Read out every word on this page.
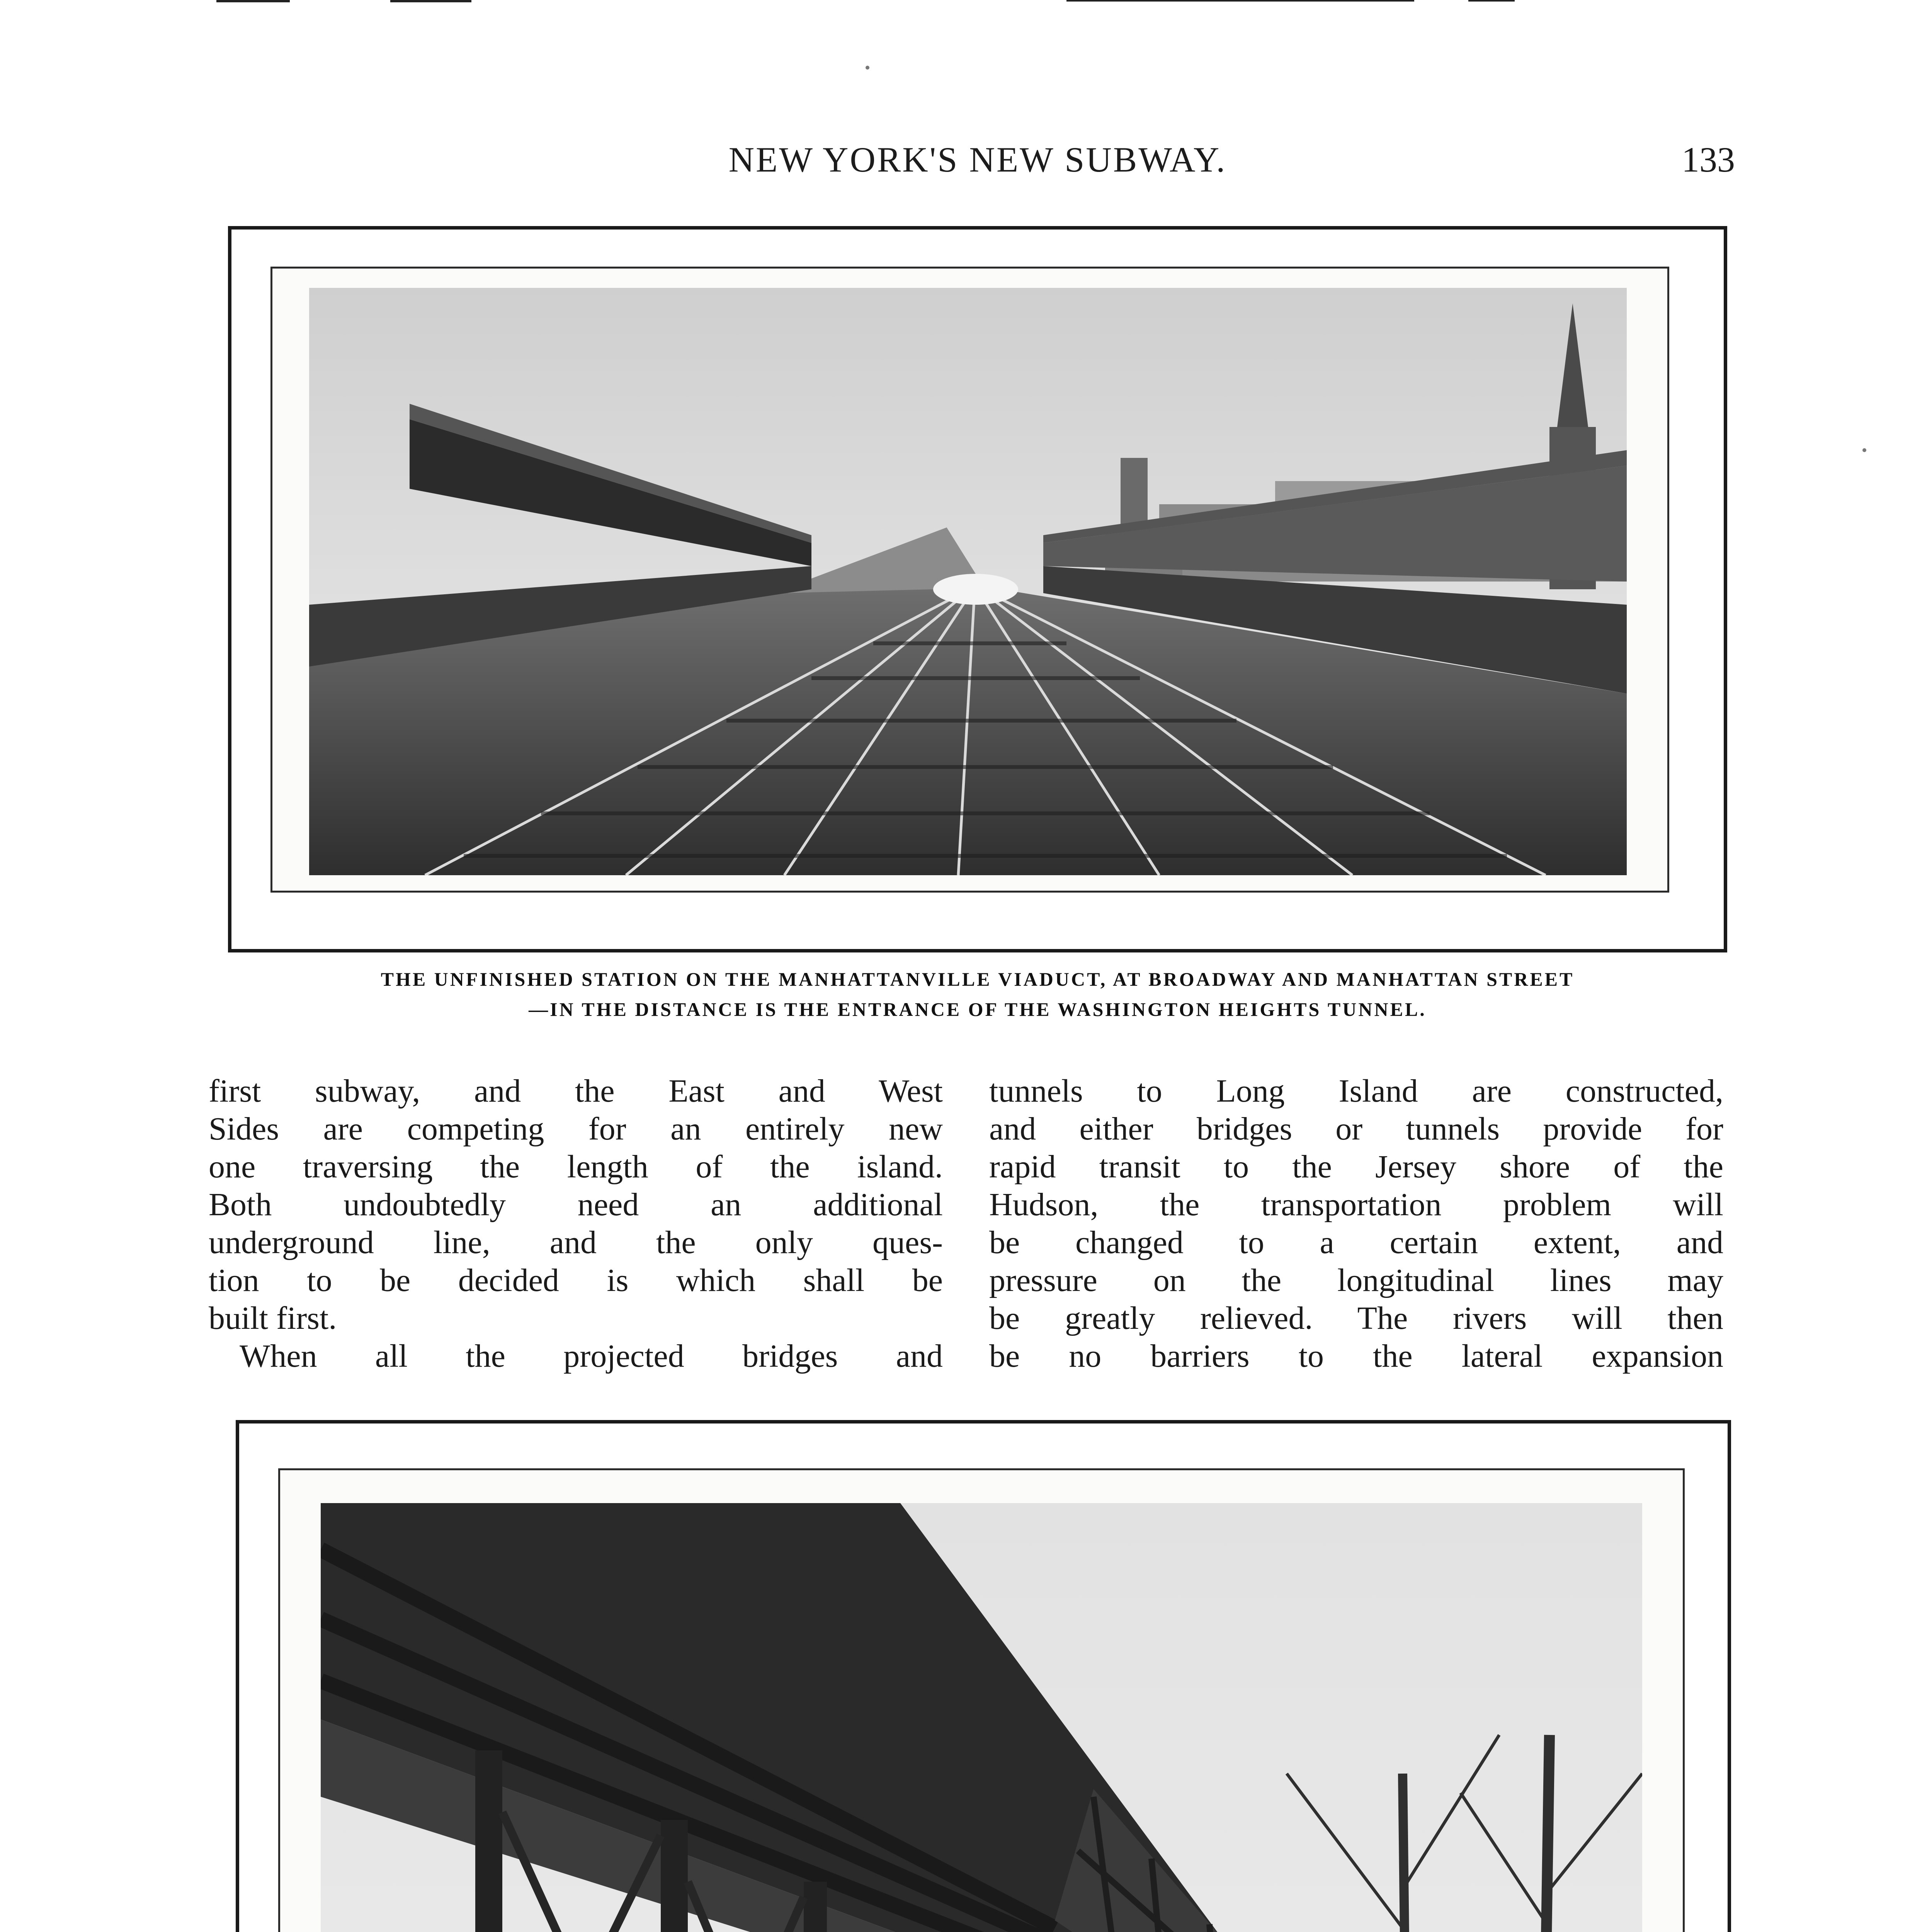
NEW YORK'S NEW SUBWAY.	133
THE UNFINISHED STATION ON THE MANHATTANVILLE VIADUCT, AT BROADWAY AND MANHATTAN STREET
—IN THE DISTANCE IS THE ENTRANCE OF THE WASHINGTON HEIGHTS TUNNEL.
first subway, and the East and West
Sides are competing for an entirely new
one traversing the length of the island.
Both undoubtedly need an additional
underground line, and the only ques-
tion to be decided is which shall be
built first.
When all the projected bridges and
tunnels to Long Island are constructed,
and either bridges or tunnels provide for
rapid transit to the Jersey shore of the
Hudson, the transportation problem will
be changed to a certain extent, and
pressure on the longitudinal lines may
be greatly relieved. The rivers will then
be no barriers to the lateral expansion
